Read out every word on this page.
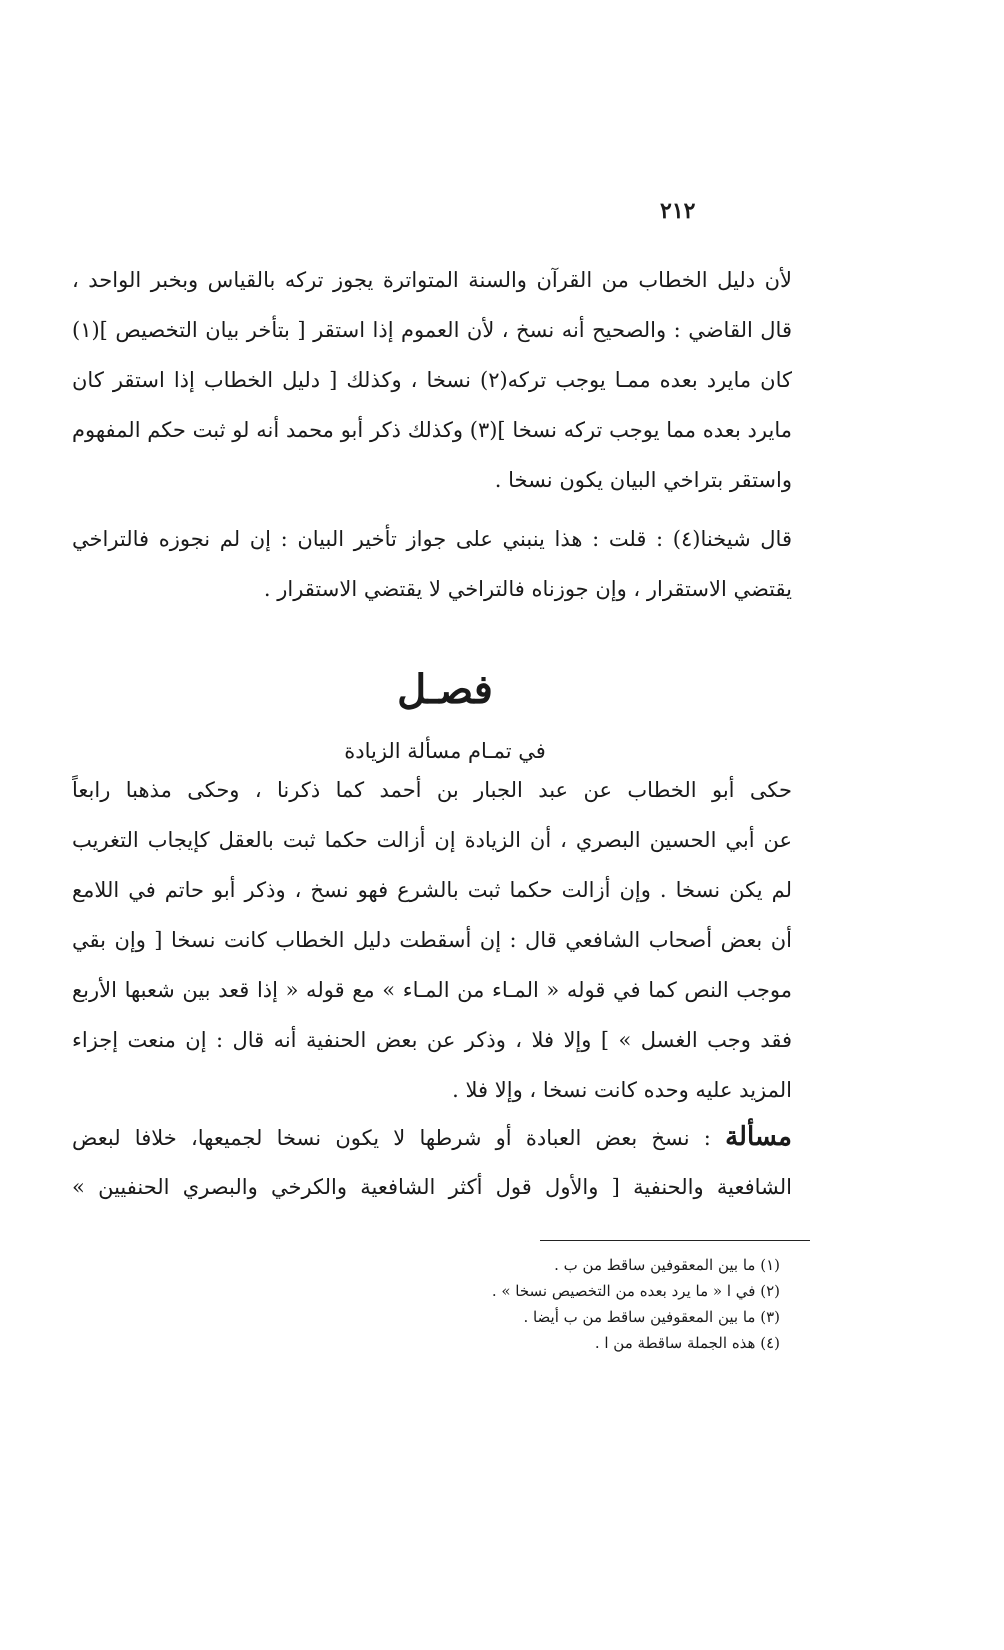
٢١٢
لأن دليل الخطاب من القرآن والسنة المتواترة يجوز تركه بالقياس وبخبر الواحد ،
قال القاضي : والصحيح أنه نسخ ، لأن العموم إذا استقر [ بتأخر بيان التخصيص ](١)
كان مايرد بعده ممـا يوجب تركه(٢) نسخا ، وكذلك [ دليل الخطاب إذا استقر كان
مايرد بعده مما يوجب تركه نسخا ](٣) وكذلك ذكر أبو محمد أنه لو ثبت حكم المفهوم
واستقر بتراخي البيان يكون نسخا .
قال شيخنا(٤) : قلت : هذا ينبني على جواز تأخير البيان : إن لم نجوزه فالتراخي
يقتضي الاستقرار ، وإن جوزناه فالتراخي لا يقتضي الاستقرار .
فصـل
في تمـام مسألة الزيادة
حكى أبو الخطاب عن عبد الجبار بن أحمد كما ذكرنا ، وحكى مذهبا رابعاً
عن أبي الحسين البصري ، أن الزيادة إن أزالت حكما ثبت بالعقل كإيجاب التغريب
لم يكن نسخا . وإن أزالت حكما ثبت بالشرع فهو نسخ ، وذكر أبو حاتم في اللامع
أن بعض أصحاب الشافعي قال : إن أسقطت دليل الخطاب كانت نسخا [ وإن بقي
موجب النص كما في قوله « المـاء من المـاء » مع قوله « إذا قعد بين شعبها الأربع
فقد وجب الغسل » ] وإلا فلا ، وذكر عن بعض الحنفية أنه قال : إن منعت إجزاء
المزيد عليه وحده كانت نسخا ، وإلا فلا .
مسألة : نسخ بعض العبادة أو شرطها لا يكون نسخا لجميعها، خلافا لبعض
الشافعية والحنفية [ والأول قول أكثر الشافعية والكرخي والبصري الحنفيين »
(١) ما بين المعقوفين ساقط من ب .
(٢) في ا « ما يرد بعده من التخصيص نسخا » .
(٣) ما بين المعقوفين ساقط من ب أيضا .
(٤) هذه الجملة ساقطة من ا .
